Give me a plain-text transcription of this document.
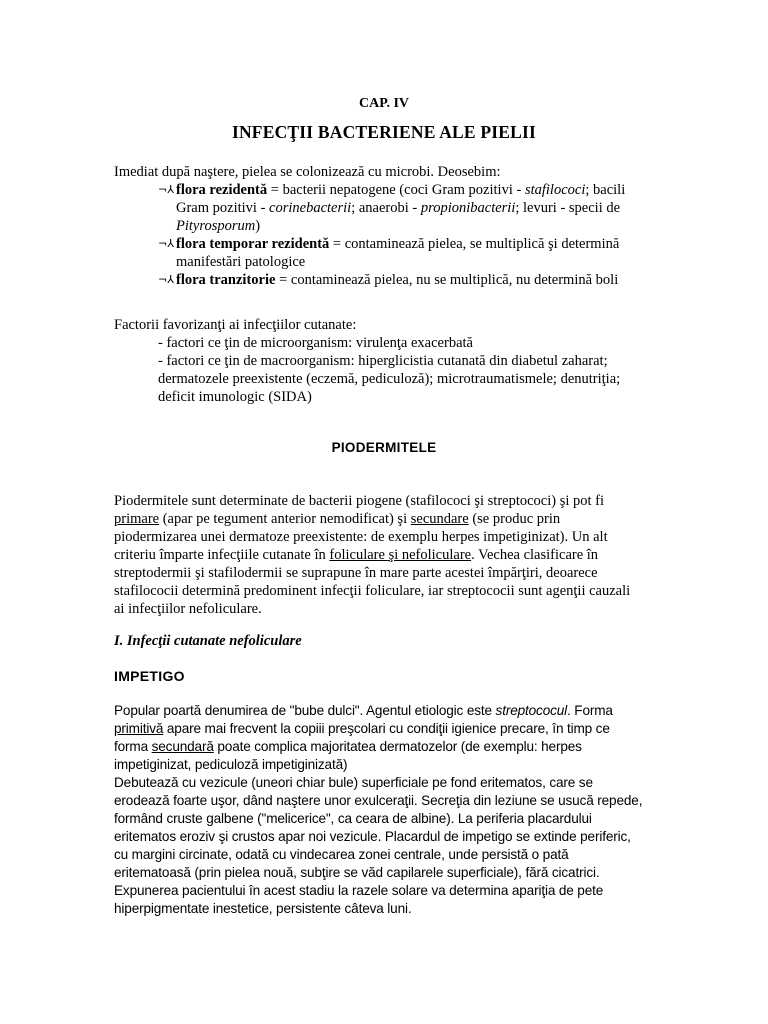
CAP. IV
INFECŢII BACTERIENE ALE PIELII

Imediat după naştere, pielea se colonizează cu microbi. Deosebim:

¬⅄ flora rezidentă = bacterii nepatogene (coci Gram pozitivi - stafilococi; bacili Gram pozitivi - corinebacterii; anaerobi - propionibacterii; levuri - specii de Pityrosporum)
¬⅄ flora temporar rezidentă = contaminează pielea, se multiplică şi determină manifestări patologice
¬⅄ flora tranzitorie = contaminează pielea, nu se multiplică, nu determină boli

Factorii favorizanţi ai infecţiilor cutanate:

- factori ce ţin de microorganism: virulenţa exacerbată
- factori ce ţin de macroorganism: hiperglicistia cutanată din diabetul zaharat; dermatozele preexistente (eczemă, pediculoză); microtraumatismele; denutriţia; deficit imunologic (SIDA)
PIODERMITELE

Piodermitele sunt determinate de bacterii piogene (stafilococi şi streptococi) şi pot fi primare (apar pe tegument anterior nemodificat) şi secundare (se produc prin piodermizarea unei dermatoze preexistente: de exemplu herpes impetiginizat). Un alt criteriu împarte infecţiile cutanate în foliculare şi nefoliculare. Vechea clasificare în streptodermii şi stafilodermii se suprapune în mare parte acestei împărţiri, deoarece stafilococii determină predominent infecţii foliculare, iar streptococii sunt agenţii cauzali ai infecţiilor nefoliculare.

I. Infecţii cutanate nefoliculare
IMPETIGO

Popular poartă denumirea de "bube dulci". Agentul etiologic este streptococul. Forma primitivă apare mai frecvent la copiii preşcolari cu condiţii igienice precare, în timp ce forma secundară poate complica majoritatea dermatozelor (de exemplu: herpes impetiginizat, pediculoză impetiginizată)

Debutează cu vezicule (uneori chiar bule) superficiale pe fond eritematos, care se erodează foarte uşor, dând naştere unor exulceraţii. Secreţia din leziune se usucă repede, formând cruste galbene ("melicerice", ca ceara de albine). La periferia placardului eritematos eroziv şi crustos apar noi vezicule. Placardul de impetigo se extinde periferic, cu margini circinate, odată cu vindecarea zonei centrale, unde persistă o pată eritematoasă (prin pielea nouă, subţire se văd capilarele superficiale), fără cicatrici. Expunerea pacientului în acest stadiu la razele solare va determina apariţia de pete hiperpigmentate inestetice, persistente câteva luni.
